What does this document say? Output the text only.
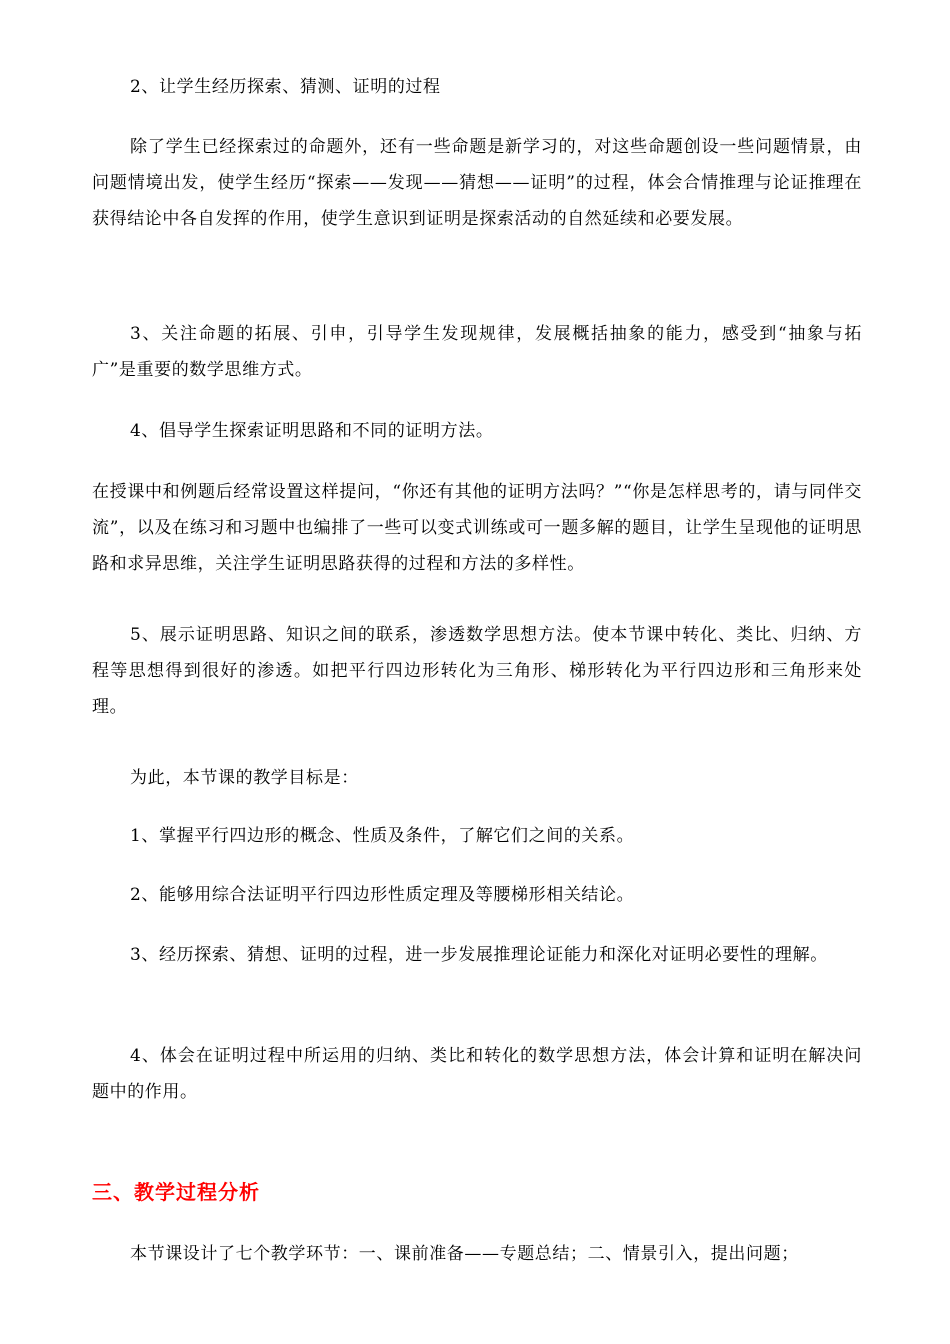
2、让学生经历探索、猜测、证明的过程

除了学生已经探索过的命题外，还有一些命题是新学习的，对这些命题创设一些问题情景，由问题情境出发，使学生经历“探索——发现——猜想——证明”的过程，体会合情推理与论证推理在获得结论中各自发挥的作用，使学生意识到证明是探索活动的自然延续和必要发展。

3、关注命题的拓展、引申，引导学生发现规律，发展概括抽象的能力，感受到“抽象与拓广”是重要的数学思维方式。

4、倡导学生探索证明思路和不同的证明方法。

在授课中和例题后经常设置这样提问，“你还有其他的证明方法吗？”“你是怎样思考的，请与同伴交流”，以及在练习和习题中也编排了一些可以变式训练或可一题多解的题目，让学生呈现他的证明思路和求异思维，关注学生证明思路获得的过程和方法的多样性。

5、展示证明思路、知识之间的联系，渗透数学思想方法。使本节课中转化、类比、归纳、方程等思想得到很好的渗透。如把平行四边形转化为三角形、梯形转化为平行四边形和三角形来处理。

为此，本节课的教学目标是：

1、掌握平行四边形的概念、性质及条件，了解它们之间的关系。

2、能够用综合法证明平行四边形性质定理及等腰梯形相关结论。

3、经历探索、猜想、证明的过程，进一步发展推理论证能力和深化对证明必要性的理解。

4、体会在证明过程中所运用的归纳、类比和转化的数学思想方法，体会计算和证明在解决问题中的作用。

三、教学过程分析

本节课设计了七个教学环节：一、课前准备——专题总结；二、情景引入，提出问题；
